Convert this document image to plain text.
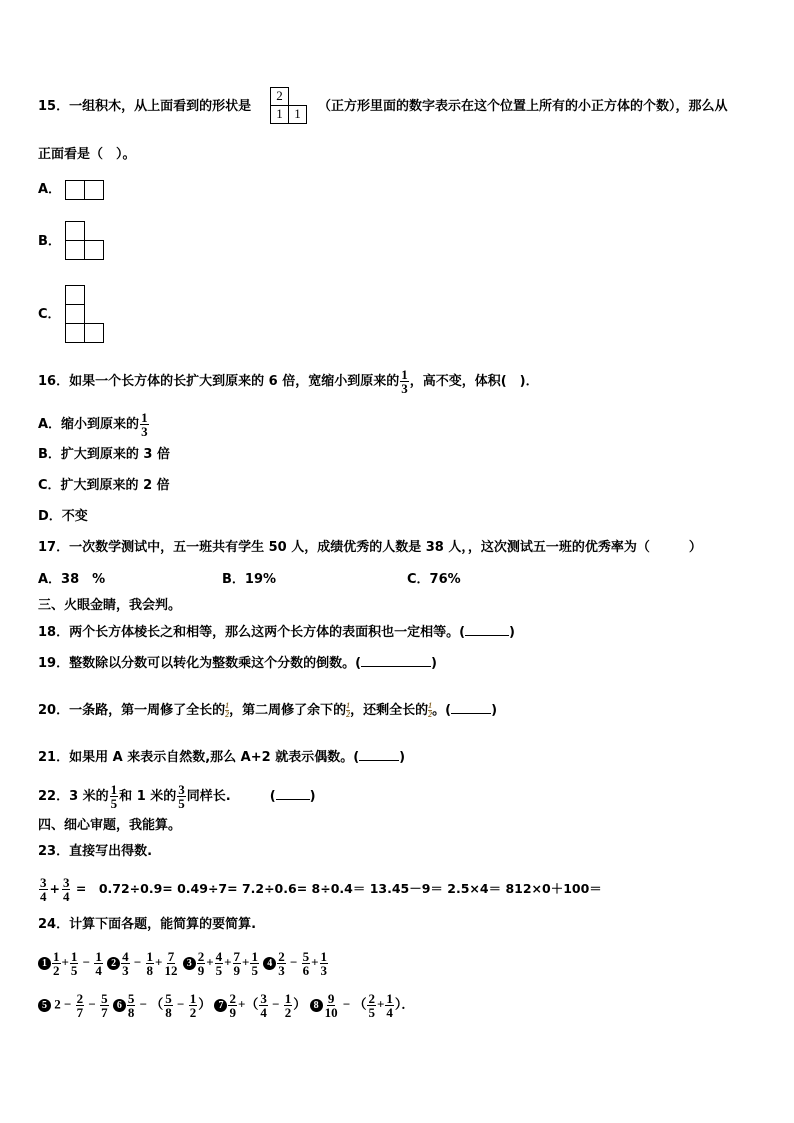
15．一组积木，从上面看到的形状是
2
1 1	（正方形里面的数字表示在这个位置上所有的小正方体的个数），那么从
正面看是（　）。
A．
B．
C．
16．如果一个长方体的长扩大到原来的 6 倍，宽缩小到原来的 $\frac{1}{3}$ ，高不变，体积(　)．
A．缩小到原来的 $\frac{1}{3}$
B．扩大到原来的 3 倍
C．扩大到原来的 2 倍
D．不变
17．一次数学测试中，五一班共有学生 50 人，成绩优秀的人数是 38 人，，这次测试五一班的优秀率为（　　　）
A．38　%	B．19%	C．76%
三、火眼金睛，我会判。
18．两个长方体棱长之和相等，那么这两个长方体的表面积也一定相等。(	)
19．整数除以分数可以转化为整数乘这个分数的倒数。(	)
20．一条路，第一周修了全长的 $\frac{1}{2}$ ，第二周修了余下的 $\frac{1}{2}$ ，还剩全长的 $\frac{1}{2}$ 。(	)
21．如果用 A 来表示自然数,那么 A+2 就表示偶数。(	)
22．3 米的 $\frac{1}{5}$ 和 1 米的 $\frac{3}{5}$ 同样长.　　　(	)
四、细心审题，我能算。
23．直接写出得数.
$\frac{3}{4} + \frac{3}{4}$ =　0.72÷0.9= 0.49÷7= 7.2÷0.6= 8÷0.4＝ 13.45－9＝ 2.5×4＝ 812×0＋100＝
24．计算下面各题，能简算的要简算.
$1 \frac{1}{2} + \frac{1}{5} - \frac{1}{4} 2 \frac{4}{3} - \frac{1}{8} + \frac{7}{12} 3 \frac{2}{9} + \frac{4}{5} + \frac{7}{9} + \frac{1}{5} 4 \frac{2}{3} - \frac{5}{6} + \frac{1}{3}$
5 $2 - \frac{2}{7} - \frac{5}{7} 6 \frac{5}{8}$ − （ $\frac{5}{8} - \frac{1}{2}$ ） $7 \frac{2}{9}$ +（ $\frac{3}{4} - \frac{1}{2}$ ） $8 \frac{9}{10}$ − （ $\frac{2}{5} + \frac{1}{4}$ ）．
